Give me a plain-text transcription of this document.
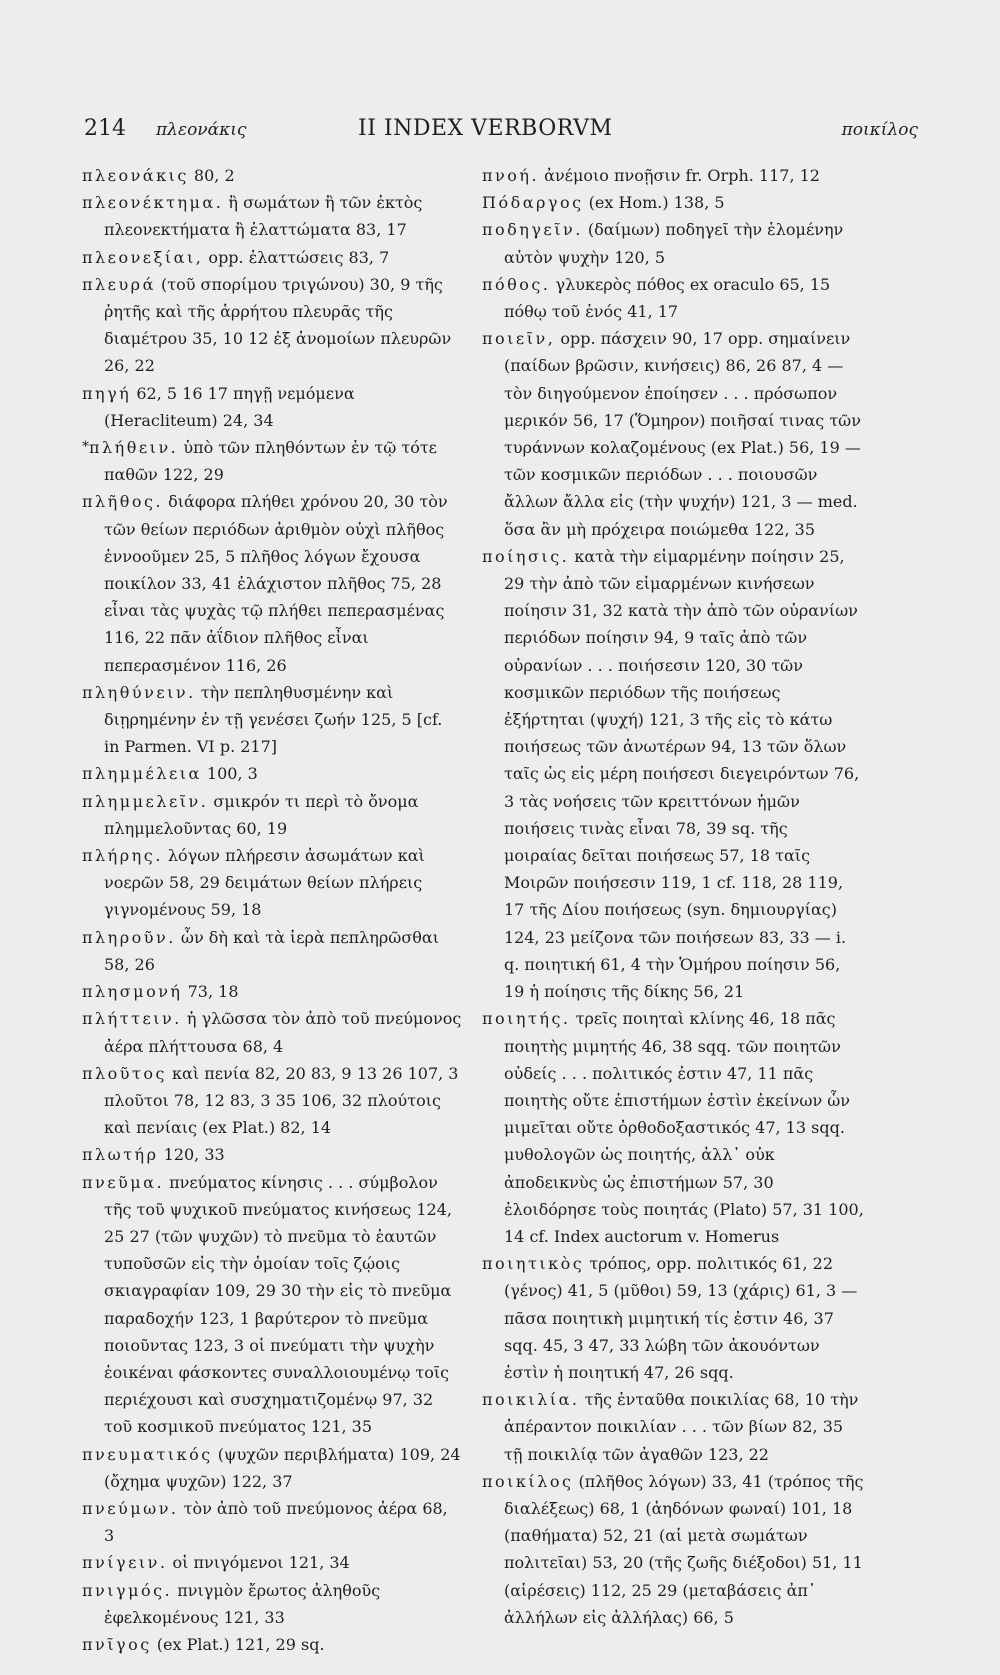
214 πλεονάκις	II INDEX VERBORVM	ποικίλος

πλεονάκις 80, 2

πλεονέκτημα. ἢ σωμάτων ἢ τῶν ἐκτὸς πλεονεκτήματα ἢ ἐλαττώματα 83, 17

πλεονεξίαι, opp. ἐλαττώσεις 83, 7

πλευρά (τοῦ σπορίμου τριγώνου) 30, 9 τῆς ῥητῆς καὶ τῆς ἀρρήτου πλευρᾶς τῆς διαμέτρου 35, 10 12 ἐξ ἀνομοίων πλευρῶν 26, 22

πηγή 62, 5 16 17 πηγῇ νεμόμενα (Heracliteum) 24, 34

*πλήθειν. ὑπὸ τῶν πληθόντων ἐν τῷ τότε παθῶν 122, 29

πλῆθος. διάφορα πλήθει χρόνου 20, 30 τὸν τῶν θείων περιόδων ἀριθμὸν οὐχὶ πλῆθος ἐννοοῦμεν 25, 5 πλῆθος λόγων ἔχουσα ποικίλον 33, 41 ἐλάχιστον πλῆθος 75, 28 εἶναι τὰς ψυχὰς τῷ πλήθει πεπερασμένας 116, 22 πᾶν ἀΐδιον πλῆθος εἶναι πεπερασμένον 116, 26

πληθύνειν. τὴν πεπληθυσμένην καὶ διῃρημένην ἐν τῇ γενέσει ζωήν 125, 5 [cf. in Parmen. VI p. 217]

πλημμέλεια 100, 3

πλημμελεῖν. σμικρόν τι περὶ τὸ ὄνομα πλημμελοῦντας 60, 19

πλήρης. λόγων πλήρεσιν ἀσωμάτων καὶ νοερῶν 58, 29 δειμάτων θείων πλήρεις γιγνομένους 59, 18

πληροῦν. ὧν δὴ καὶ τὰ ἱερὰ πεπληρῶσθαι 58, 26

πλησμονή 73, 18

πλήττειν. ἡ γλῶσσα τὸν ἀπὸ τοῦ πνεύμονος ἀέρα πλήττουσα 68, 4

πλοῦτος καὶ πενία 82, 20 83, 9 13 26 107, 3 πλοῦτοι 78, 12 83, 3 35 106, 32 πλούτοις καὶ πενίαις (ex Plat.) 82, 14

πλωτήρ 120, 33

πνεῦμα. πνεύματος κίνησις . . . σύμβολον τῆς τοῦ ψυχικοῦ πνεύματος κινήσεως 124, 25 27 (τῶν ψυχῶν) τὸ πνεῦμα τὸ ἑαυτῶν τυποῦσῶν εἰς τὴν ὁμοίαν τοῖς ζῴοις σκιαγραφίαν 109, 29 30 τὴν εἰς τὸ πνεῦμα παραδοχήν 123, 1 βαρύτερον τὸ πνεῦμα ποιοῦντας 123, 3 οἱ πνεύματι τὴν ψυχὴν ἐοικέναι φάσκοντες συναλλοιουμένῳ τοῖς περιέχουσι καὶ συσχηματιζομένῳ 97, 32 τοῦ κοσμικοῦ πνεύματος 121, 35

πνευματικός (ψυχῶν περιβλήματα) 109, 24 (ὄχημα ψυχῶν) 122, 37

πνεύμων. τὸν ἀπὸ τοῦ πνεύμονος ἀέρα 68, 3

πνίγειν. οἱ πνιγόμενοι 121, 34

πνιγμός. πνιγμὸν ἔρωτος ἀληθοῦς ἐφελκομένους 121, 33

πνῖγος (ex Plat.) 121, 29 sq.

πνοή. ἀνέμοιο πνοῇσιν fr. Orph. 117, 12

Πόδαργος (ex Hom.) 138, 5

ποδηγεῖν. (δαίμων) ποδηγεῖ τὴν ἑλομένην αὐτὸν ψυχὴν 120, 5

πόθος. γλυκερὸς πόθος ex oraculo 65, 15 πόθῳ τοῦ ἑνός 41, 17

ποιεῖν, opp. πάσχειν 90, 17 opp. σημαίνειν (παίδων βρῶσιν, κινήσεις) 86, 26 87, 4 — τὸν διηγούμενον ἐποίησεν . . . πρόσωπον μερικόν 56, 17 (Ὅμηρον) ποιῆσαί τινας τῶν τυράννων κολαζομένους (ex Plat.) 56, 19 — τῶν κοσμικῶν περιόδων . . . ποιουσῶν ἄλλων ἄλλα εἰς (τὴν ψυχήν) 121, 3 — med. ὅσα ἂν μὴ πρόχειρα ποιώμεθα 122, 35

ποίησις. κατὰ τὴν εἱμαρμένην ποίησιν 25, 29 τὴν ἀπὸ τῶν εἱμαρμένων κινήσεων ποίησιν 31, 32 κατὰ τὴν ἀπὸ τῶν οὐρανίων περιόδων ποίησιν 94, 9 ταῖς ἀπὸ τῶν οὐρανίων . . . ποιήσεσιν 120, 30 τῶν κοσμικῶν περιόδων τῆς ποιήσεως ἐξήρτηται (ψυχή) 121, 3 τῆς εἰς τὸ κάτω ποιήσεως τῶν ἀνωτέρων 94, 13 τῶν ὅλων ταῖς ὡς εἰς μέρη ποιήσεσι διεγειρόντων 76, 3 τὰς νοήσεις τῶν κρειττόνων ἡμῶν ποιήσεις τινὰς εἶναι 78, 39 sq. τῆς μοιραίας δεῖται ποιήσεως 57, 18 ταῖς Μοιρῶν ποιήσεσιν 119, 1 cf. 118, 28 119, 17 τῆς Δίου ποιήσεως (syn. δημιουργίας) 124, 23 μείζονα τῶν ποιήσεων 83, 33 — i. q. ποιητική 61, 4 τὴν Ὁμήρου ποίησιν 56, 19 ἡ ποίησις τῆς δίκης 56, 21

ποιητής. τρεῖς ποιηταὶ κλίνης 46, 18 πᾶς ποιητὴς μιμητής 46, 38 sqq. τῶν ποιητῶν οὐδείς . . . πολιτικός ἐστιν 47, 11 πᾶς ποιητὴς οὔτε ἐπιστήμων ἐστὶν ἐκείνων ὧν μιμεῖται οὔτε ὀρθοδοξαστικός 47, 13 sqq. μυθολογῶν ὡς ποιητής, ἀλλ᾽ οὐκ ἀποδεικνὺς ὡς ἐπιστήμων 57, 30 ἐλοιδόρησε τοὺς ποιητάς (Plato) 57, 31 100, 14 cf. Index auctorum v. Homerus

ποιητικὸς τρόπος, opp. πολιτικός 61, 22 (γένος) 41, 5 (μῦθοι) 59, 13 (χάρις) 61, 3 — πᾶσα ποιητικὴ μιμητική τίς ἐστιν 46, 37 sqq. 45, 3 47, 33 λώβη τῶν ἀκουόντων ἐστὶν ἡ ποιητική 47, 26 sqq.

ποικιλία. τῆς ἐνταῦθα ποικιλίας 68, 10 τὴν ἀπέραντον ποικιλίαν . . . τῶν βίων 82, 35 τῇ ποικιλίᾳ τῶν ἀγαθῶν 123, 22

ποικίλος (πλῆθος λόγων) 33, 41 (τρόπος τῆς διαλέξεως) 68, 1 (ἀηδόνων φωναί) 101, 18 (παθήματα) 52, 21 (αἱ μετὰ σωμάτων πολιτεῖαι) 53, 20 (τῆς ζωῆς διέξοδοι) 51, 11 (αἱρέσεις) 112, 25 29 (μεταβάσεις ἀπ᾽ ἀλλήλων εἰς ἀλλήλας) 66, 5
